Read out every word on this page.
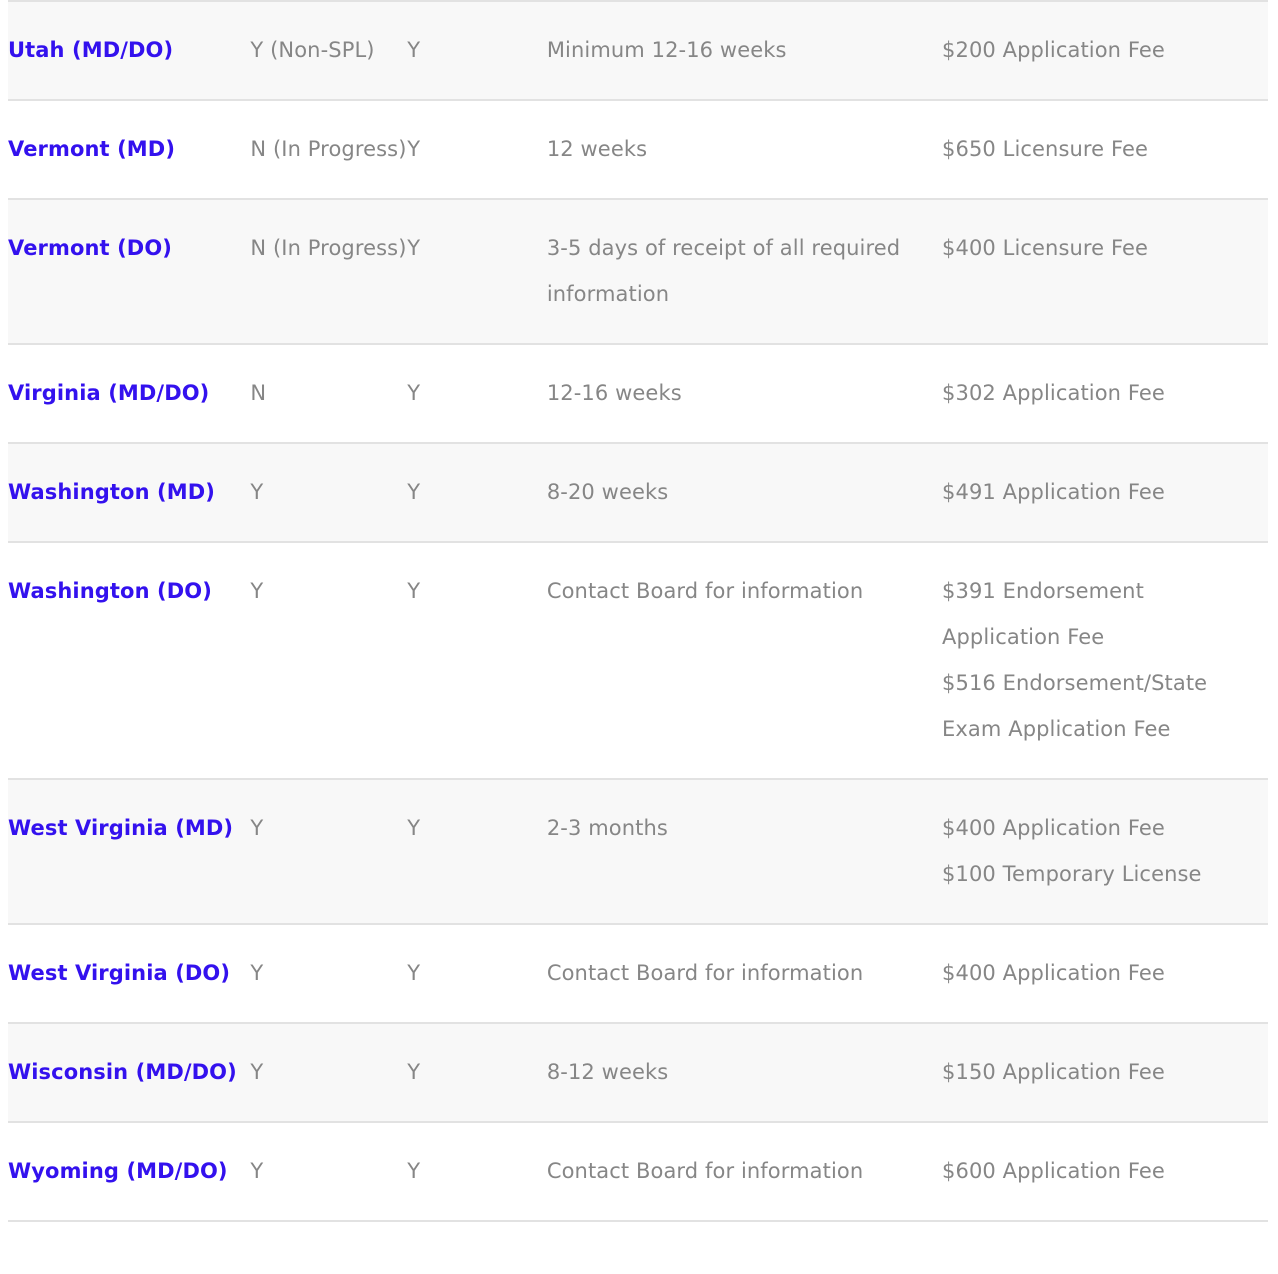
Utah (MD/DO)	Y (Non-SPL)	Y	Minimum 12-16 weeks	$200 Application Fee

Vermont (MD)	N (In Progress)	Y	12 weeks	$650 Licensure Fee

Vermont (DO)	N (In Progress)	Y	3-5 days of receipt of all required information	$400 Licensure Fee

Virginia (MD/DO)	N	Y	12-16 weeks	$302 Application Fee

Washington (MD)	Y	Y	8-20 weeks	$491 Application Fee

Washington (DO)	Y	Y	Contact Board for information	$391 Endorsement Application Fee
$516 Endorsement/State Exam Application Fee

West Virginia (MD)	Y	Y	2-3 months	$400 Application Fee
$100 Temporary License

West Virginia (DO)	Y	Y	Contact Board for information	$400 Application Fee

Wisconsin (MD/DO)	Y	Y	8-12 weeks	$150 Application Fee

Wyoming (MD/DO)	Y	Y	Contact Board for information	$600 Application Fee
